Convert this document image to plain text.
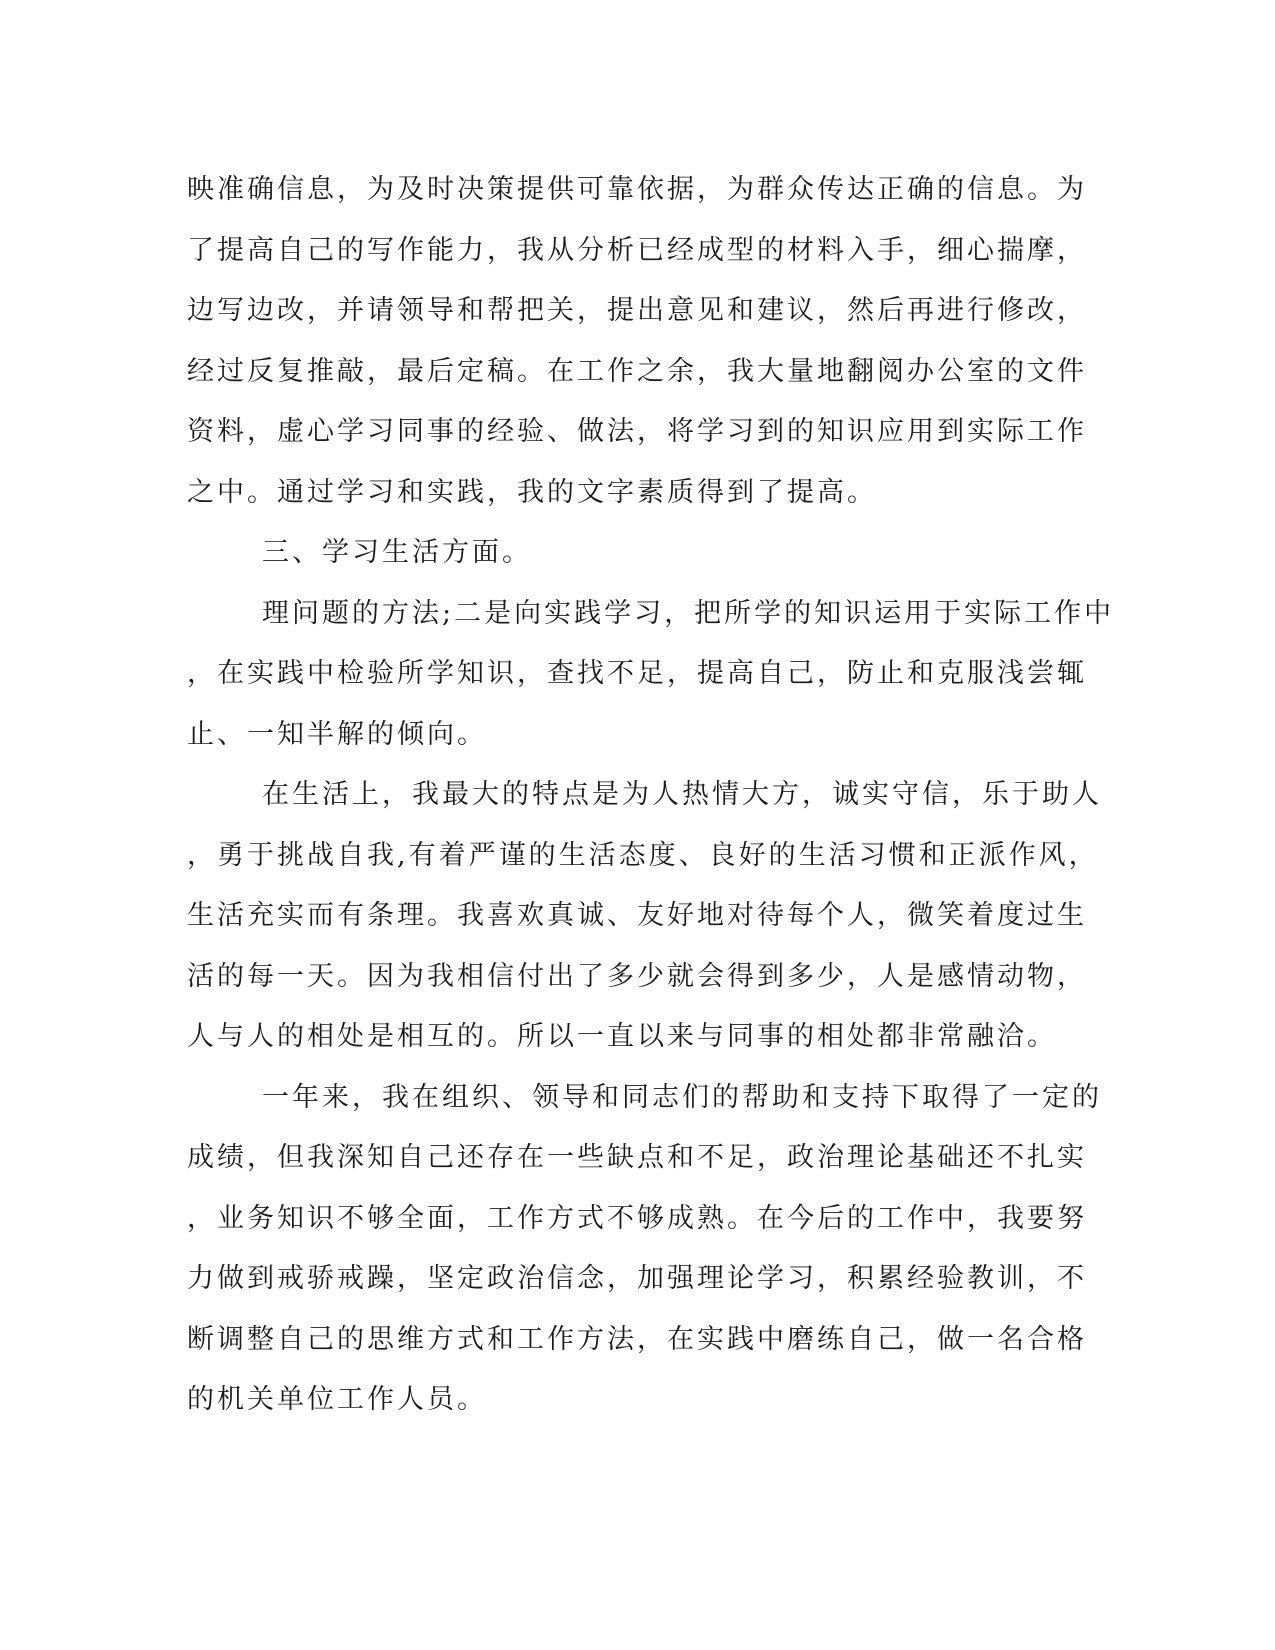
映准确信息，为及时决策提供可靠依据，为群众传达正确的信息。为
了提高自己的写作能力，我从分析已经成型的材料入手，细心揣摩，
边写边改，并请领导和帮把关，提出意见和建议，然后再进行修改，
经过反复推敲，最后定稿。在工作之余，我大量地翻阅办公室的文件
资料，虚心学习同事的经验、做法，将学习到的知识应用到实际工作
之中。通过学习和实践，我的文字素质得到了提高。
三、学习生活方面。
理问题的方法;二是向实践学习，把所学的知识运用于实际工作中
，在实践中检验所学知识，查找不足，提高自己，防止和克服浅尝辄
止、一知半解的倾向。
在生活上，我最大的特点是为人热情大方，诚实守信，乐于助人
，勇于挑战自我,有着严谨的生活态度、良好的生活习惯和正派作风，
生活充实而有条理。我喜欢真诚、友好地对待每个人，微笑着度过生
活的每一天。因为我相信付出了多少就会得到多少，人是感情动物，
人与人的相处是相互的。所以一直以来与同事的相处都非常融洽。
一年来，我在组织、领导和同志们的帮助和支持下取得了一定的
成绩，但我深知自己还存在一些缺点和不足，政治理论基础还不扎实
，业务知识不够全面，工作方式不够成熟。在今后的工作中，我要努
力做到戒骄戒躁，坚定政治信念，加强理论学习，积累经验教训，不
断调整自己的思维方式和工作方法，在实践中磨练自己，做一名合格
的机关单位工作人员。
